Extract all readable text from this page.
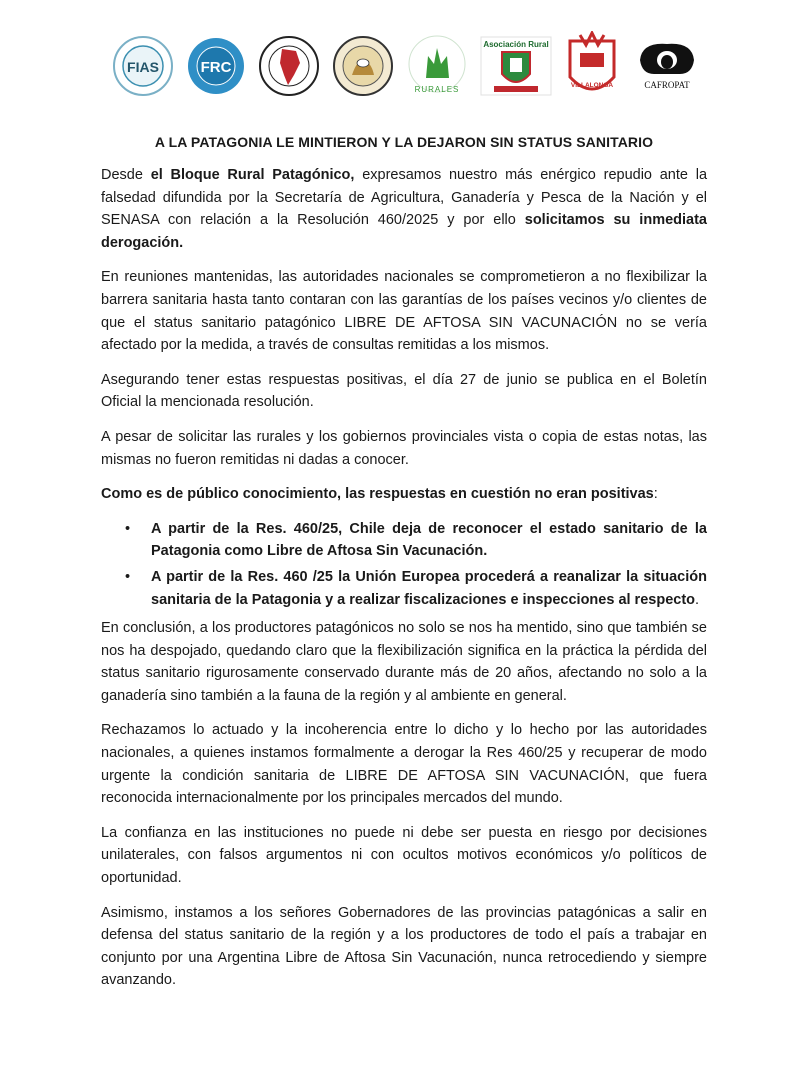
FIAS	FRC
RURALES
Asociación Rural
VILLALONGA	CAFROPAT
A LA PATAGONIA LE MINTIERON Y LA DEJARON SIN STATUS SANITARIO

Desde el Bloque Rural Patagónico, expresamos nuestro más enérgico repudio ante la falsedad difundida por la Secretaría de Agricultura, Ganadería y Pesca de la Nación y el SENASA con relación a la Resolución 460/2025 y por ello solicitamos su inmediata derogación.

En reuniones mantenidas, las autoridades nacionales se comprometieron a no flexibilizar la barrera sanitaria hasta tanto contaran con las garantías de los países vecinos y/o clientes de que el status sanitario patagónico LIBRE DE AFTOSA SIN VACUNACIÓN no se vería afectado por la medida, a través de consultas remitidas a los mismos.

Asegurando tener estas respuestas positivas, el día 27 de junio se publica en el Boletín Oficial la mencionada resolución.

A pesar de solicitar las rurales y los gobiernos provinciales vista o copia de estas notas, las mismas no fueron remitidas ni dadas a conocer.

Como es de público conocimiento, las respuestas en cuestión no eran positivas:

• A partir de la Res. 460/25, Chile deja de reconocer el estado sanitario de la Patagonia como Libre de Aftosa Sin Vacunación.
• A partir de la Res. 460 /25 la Unión Europea procederá a reanalizar la situación sanitaria de la Patagonia y a realizar fiscalizaciones e inspecciones al respecto.

En conclusión, a los productores patagónicos no solo se nos ha mentido, sino que también se nos ha despojado, quedando claro que la flexibilización significa en la práctica la pérdida del status sanitario rigurosamente conservado durante más de 20 años, afectando no solo a la ganadería sino también a la fauna de la región y al ambiente en general.

Rechazamos lo actuado y la incoherencia entre lo dicho y lo hecho por las autoridades nacionales, a quienes instamos formalmente a derogar la Res 460/25 y recuperar de modo urgente la condición sanitaria de LIBRE DE AFTOSA SIN VACUNACIÓN, que fuera reconocida internacionalmente por los principales mercados del mundo.

La confianza en las instituciones no puede ni debe ser puesta en riesgo por decisiones unilaterales, con falsos argumentos ni con ocultos motivos económicos y/o políticos de oportunidad.

Asimismo, instamos a los señores Gobernadores de las provincias patagónicas a salir en defensa del status sanitario de la región y a los productores de todo el país a trabajar en conjunto por una Argentina Libre de Aftosa Sin Vacunación, nunca retrocediendo y siempre avanzando.
